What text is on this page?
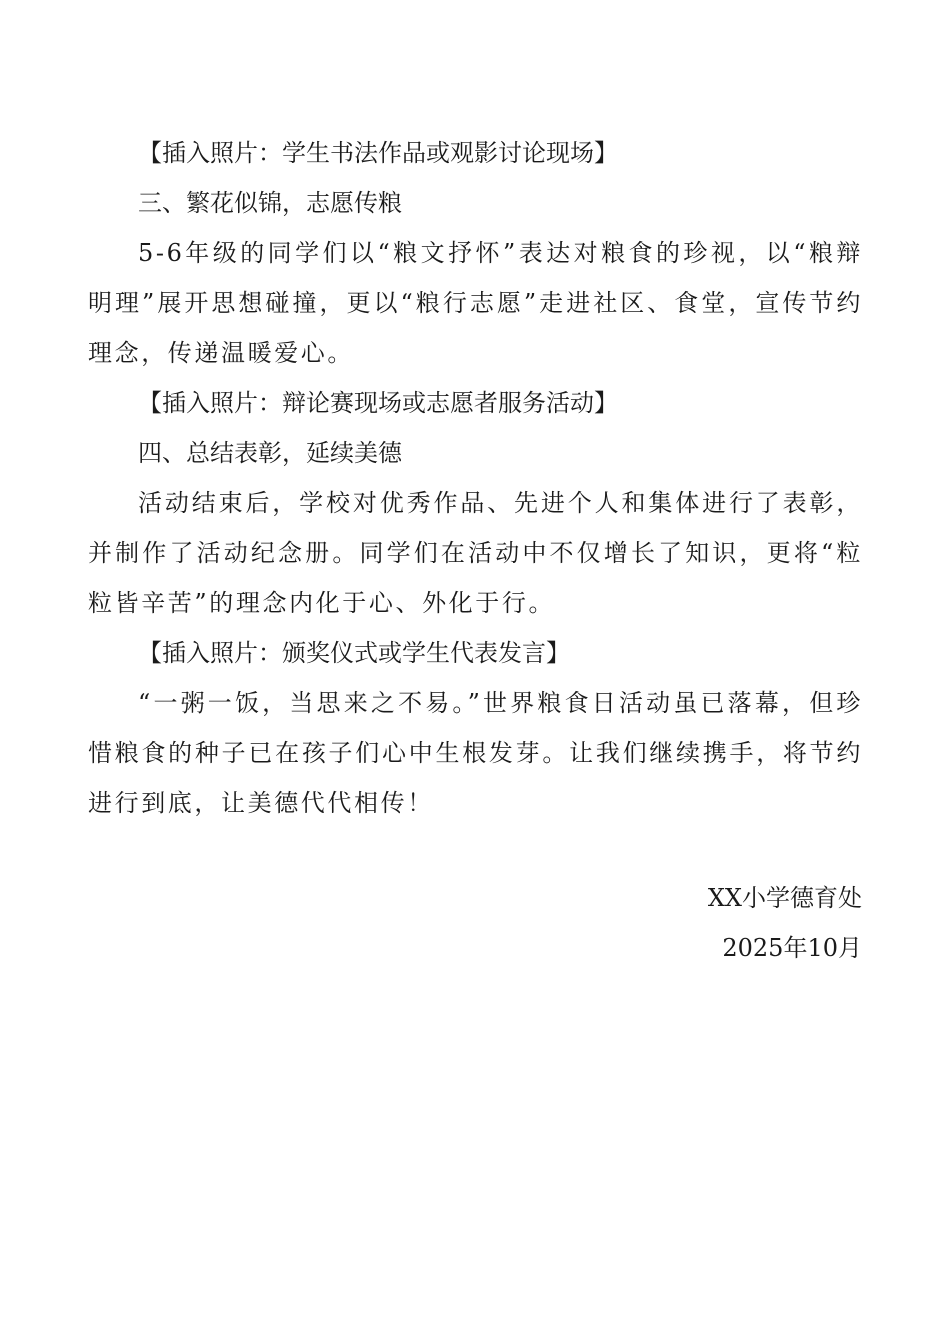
【插入照片：学生书法作品或观影讨论现场】
三、繁花似锦，志愿传粮
5-6年级的同学们以“粮文抒怀”表达对粮食的珍视，以“粮辩明理”展开思想碰撞，更以“粮行志愿”走进社区、食堂，宣传节约理念，传递温暖爱心。
【插入照片：辩论赛现场或志愿者服务活动】
四、总结表彰，延续美德
活动结束后，学校对优秀作品、先进个人和集体进行了表彰，并制作了活动纪念册。同学们在活动中不仅增长了知识，更将“粒粒皆辛苦”的理念内化于心、外化于行。
【插入照片：颁奖仪式或学生代表发言】
“一粥一饭，当思来之不易。”世界粮食日活动虽已落幕，但珍惜粮食的种子已在孩子们心中生根发芽。让我们继续携手，将节约进行到底，让美德代代相传！
XX小学德育处
2025年10月
